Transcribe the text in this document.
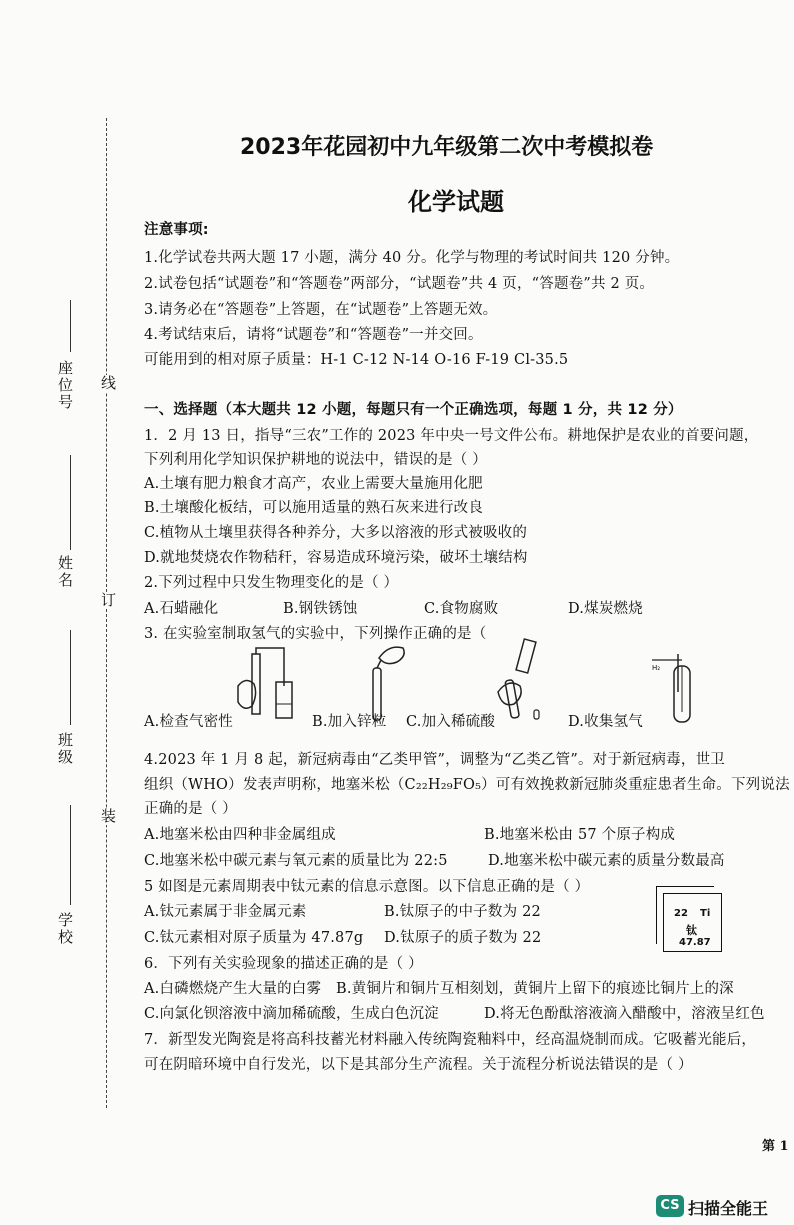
座位号
姓名
班级
学校
线
订
装
2023年花园初中九年级第二次中考模拟卷
化学试题
注意事项:
1.化学试卷共两大题 17 小题，满分 40 分。化学与物理的考试时间共 120 分钟。
2.试卷包括“试题卷”和“答题卷”两部分，“试题卷”共 4 页，“答题卷”共 2 页。
3.请务必在“答题卷”上答题，在“试题卷”上答题无效。
4.考试结束后，请将“试题卷”和“答题卷”一并交回。
可能用到的相对原子质量：H-1 C-12 N-14 O-16 F-19 Cl-35.5
一、选择题（本大题共 12 小题，每题只有一个正确选项，每题 1 分，共 12 分）
1．2 月 13 日，指导“三农”工作的 2023 年中央一号文件公布。耕地保护是农业的首要问题，
下列利用化学知识保护耕地的说法中，错误的是（ ）
A.土壤有肥力粮食才高产，农业上需要大量施用化肥
B.土壤酸化板结，可以施用适量的熟石灰来进行改良
C.植物从土壤里获得各种养分，大多以溶液的形式被吸收的
D.就地焚烧农作物秸秆，容易造成环境污染，破坏土壤结构
2.下列过程中只发生物理变化的是（ ）
A.石蜡融化	B.钢铁锈蚀	C.食物腐败	D.煤炭燃烧
3. 在实验室制取氢气的实验中，下列操作正确的是（
H₂
A.检查气密性	B.加入锌粒 C.加入稀硫酸	D.收集氢气
4.2023 年 1 月 8 起，新冠病毒由“乙类甲管”，调整为“乙类乙管”。对于新冠病毒，世卫
组织（WHO）发表声明称，地塞米松（C₂₂H₂₉FO₅）可有效挽救新冠肺炎重症患者生命。下列说法
正确的是（ ）
A.地塞米松由四种非金属组成	B.地塞米松由 57 个原子构成
C.地塞米松中碳元素与氧元素的质量比为 22:5	D.地塞米松中碳元素的质量分数最高
5 如图是元素周期表中钛元素的信息示意图。以下信息正确的是（ ）
A.钛元素属于非金属元素	B.钛原子的中子数为 22
C.钛元素相对原子质量为 47.87g D.钛原子的质子数为 22
22 Ti
钛
47.87
6．下列有关实验现象的描述正确的是（ ）
A.白磷燃烧产生大量的白雾 B.黄铜片和铜片互相刻划，黄铜片上留下的痕迹比铜片上的深
C.向氯化钡溶液中滴加稀硫酸，生成白色沉淀	D.将无色酚酞溶液滴入醋酸中，溶液呈红色
7．新型发光陶瓷是将高科技蓄光材料融入传统陶瓷釉料中，经高温烧制而成。它吸蓄光能后，
可在阴暗环境中自行发光，以下是其部分生产流程。关于流程分析说法错误的是（ ）
第 1
CS 扫描全能王
